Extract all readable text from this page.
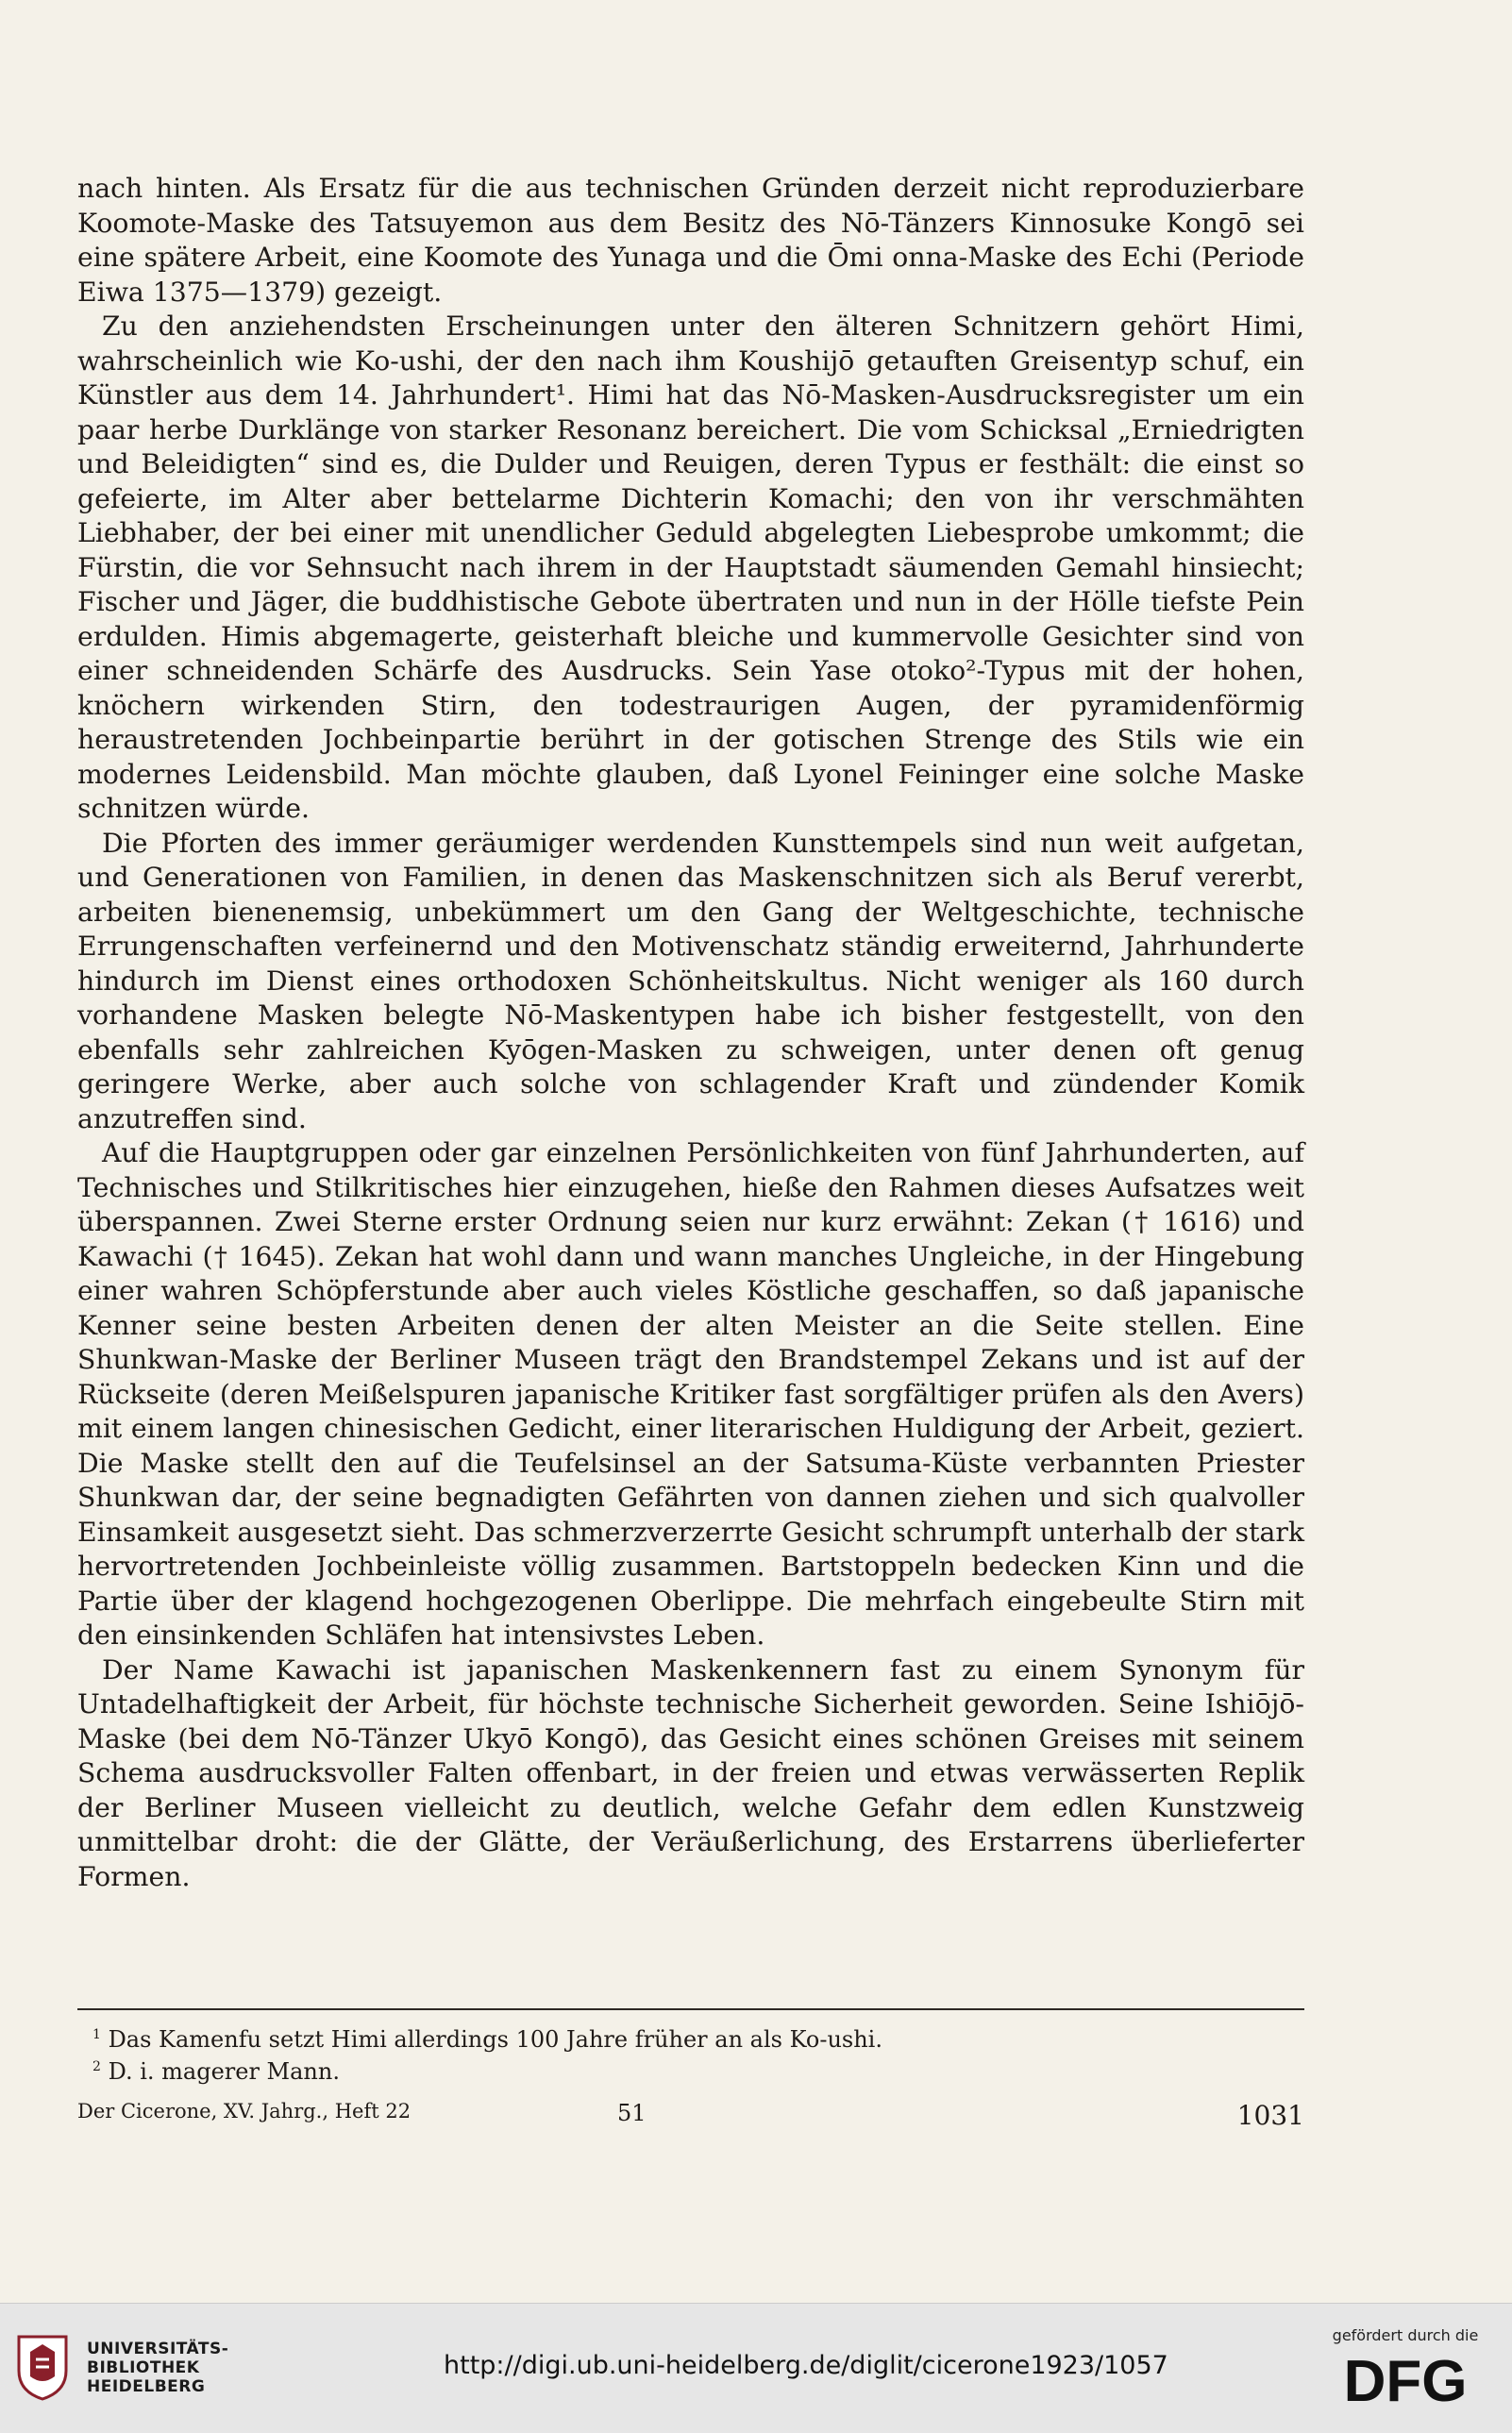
nach hinten. Als Ersatz für die aus technischen Gründen derzeit nicht reproduzierbare Koomote-Maske des Tatsuyemon aus dem Besitz des Nō-Tänzers Kinnosuke Kongō sei eine spätere Arbeit, eine Koomote des Yunaga und die Ōmi onna-Maske des Echi (Periode Eiwa 1375—1379) gezeigt.

Zu den anziehendsten Erscheinungen unter den älteren Schnitzern gehört Himi, wahrscheinlich wie Ko-ushi, der den nach ihm Koushijō getauften Greisentyp schuf, ein Künstler aus dem 14. Jahrhundert¹. Himi hat das Nō-Masken-Ausdrucksregister um ein paar herbe Durklänge von starker Resonanz bereichert. Die vom Schicksal „Erniedrigten und Beleidigten“ sind es, die Dulder und Reuigen, deren Typus er festhält: die einst so gefeierte, im Alter aber bettelarme Dichterin Komachi; den von ihr verschmähten Liebhaber, der bei einer mit unendlicher Geduld abgelegten Liebesprobe umkommt; die Fürstin, die vor Sehnsucht nach ihrem in der Hauptstadt säumenden Gemahl hinsiecht; Fischer und Jäger, die buddhistische Gebote übertraten und nun in der Hölle tiefste Pein erdulden. Himis abgemagerte, geisterhaft bleiche und kummervolle Gesichter sind von einer schneidenden Schärfe des Ausdrucks. Sein Yase otoko²-Typus mit der hohen, knöchern wirkenden Stirn, den todestraurigen Augen, der pyramidenförmig heraustretenden Jochbeinpartie berührt in der gotischen Strenge des Stils wie ein modernes Leidensbild. Man möchte glauben, daß Lyonel Feininger eine solche Maske schnitzen würde.

Die Pforten des immer geräumiger werdenden Kunsttempels sind nun weit aufgetan, und Generationen von Familien, in denen das Maskenschnitzen sich als Beruf vererbt, arbeiten bienenemsig, unbekümmert um den Gang der Weltgeschichte, technische Errungenschaften verfeinernd und den Motivenschatz ständig erweiternd, Jahrhunderte hindurch im Dienst eines orthodoxen Schönheitskultus. Nicht weniger als 160 durch vorhandene Masken belegte Nō-Maskentypen habe ich bisher festgestellt, von den ebenfalls sehr zahlreichen Kyōgen-Masken zu schweigen, unter denen oft genug geringere Werke, aber auch solche von schlagender Kraft und zündender Komik anzutreffen sind.

Auf die Hauptgruppen oder gar einzelnen Persönlichkeiten von fünf Jahrhunderten, auf Technisches und Stilkritisches hier einzugehen, hieße den Rahmen dieses Aufsatzes weit überspannen. Zwei Sterne erster Ordnung seien nur kurz erwähnt: Zekan († 1616) und Kawachi († 1645). Zekan hat wohl dann und wann manches Ungleiche, in der Hingebung einer wahren Schöpferstunde aber auch vieles Köstliche geschaffen, so daß japanische Kenner seine besten Arbeiten denen der alten Meister an die Seite stellen. Eine Shunkwan-Maske der Berliner Museen trägt den Brandstempel Zekans und ist auf der Rückseite (deren Meißelspuren japanische Kritiker fast sorgfältiger prüfen als den Avers) mit einem langen chinesischen Gedicht, einer literarischen Huldigung der Arbeit, geziert. Die Maske stellt den auf die Teufelsinsel an der Satsuma-Küste verbannten Priester Shunkwan dar, der seine begnadigten Gefährten von dannen ziehen und sich qualvoller Einsamkeit ausgesetzt sieht. Das schmerzverzerrte Gesicht schrumpft unterhalb der stark hervortretenden Jochbeinleiste völlig zusammen. Bartstoppeln bedecken Kinn und die Partie über der klagend hochgezogenen Oberlippe. Die mehrfach eingebeulte Stirn mit den einsinkenden Schläfen hat intensivstes Leben.

Der Name Kawachi ist japanischen Maskenkennern fast zu einem Synonym für Untadelhaftigkeit der Arbeit, für höchste technische Sicherheit geworden. Seine Ishiōjō-Maske (bei dem Nō-Tänzer Ukyō Kongō), das Gesicht eines schönen Greises mit seinem Schema ausdrucksvoller Falten offenbart, in der freien und etwas verwässerten Replik der Berliner Museen vielleicht zu deutlich, welche Gefahr dem edlen Kunstzweig unmittelbar droht: die der Glätte, der Veräußerlichung, des Erstarrens überlieferter Formen.

$^1$ Das Kamenfu setzt Himi allerdings 100 Jahre früher an als Ko-ushi.
$^2$ D. i. magerer Mann.
Der Cicerone, XV. Jahrg., Heft 22	51	1031
UNIVERSITÄTS-
BIBLIOTHEK
HEIDELBERG
http://digi.ub.uni-heidelberg.de/diglit/cicerone1923/1057
gefördert durch die
DFG
